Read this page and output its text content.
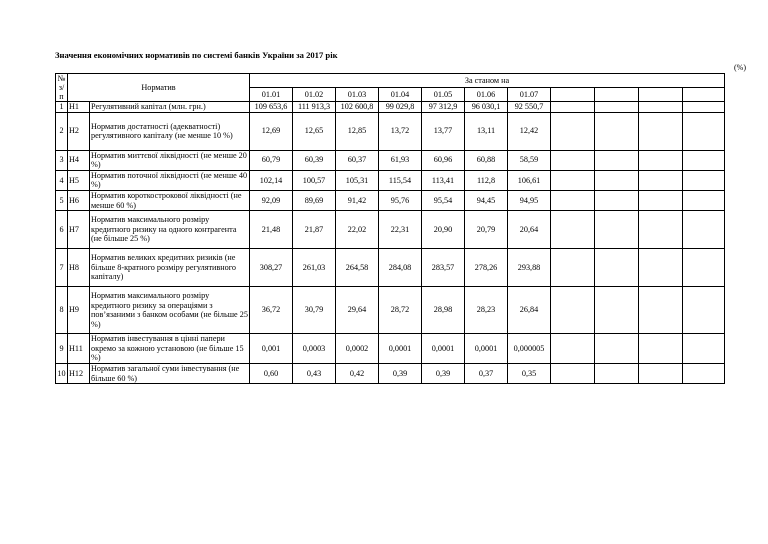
Значення економічних нормативів по системі банків України за 2017 рік
(%)
№
з/п	Норматив		За станом на										
			01.01	01.02	01.03	01.04	01.05	01.06	01.07				
1	Н1	Регулятивний капітал (млн. грн.)	109 653,6	111 913,3	102 600,8	99 029,8	97 312,9	96 030,1	92 550,7				
2	Н2	Норматив достатності (адекватності) регулятивного капіталу (не менше 10 %)	12,69	12,65	12,85	13,72	13,77	13,11	12,42				
3	Н4	Норматив миттєвої ліквідності (не менше 20 %)	60,79	60,39	60,37	61,93	60,96	60,88	58,59				
4	Н5	Норматив поточної ліквідності (не менше 40 %)	102,14	100,57	105,31	115,54	113,41	112,8	106,61				
5	Н6	Норматив короткострокової ліквідності (не менше 60 %)	92,09	89,69	91,42	95,76	95,54	94,45	94,95				
6	Н7	Норматив максимального розміру кредитного ризику на одного контрагента (не більше 25 %)	21,48	21,87	22,02	22,31	20,90	20,79	20,64				
7	Н8	Норматив великих кредитних ризиків (не більше 8-кратного розміру регулятивного капіталу)	308,27	261,03	264,58	284,08	283,57	278,26	293,88				
8	Н9	Норматив максимального розміру кредитного ризику за операціями з пов’язаними з банком особами (не більше 25 %)	36,72	30,79	29,64	28,72	28,98	28,23	26,84				
9	Н11	Норматив інвестування в цінні папери окремо за кожною установою (не більше 15 %)	0,001	0,0003	0,0002	0,0001	0,0001	0,0001	0,000005				
10	Н12	Норматив загальної суми інвестування (не більше 60 %)	0,60	0,43	0,42	0,39	0,39	0,37	0,35				
